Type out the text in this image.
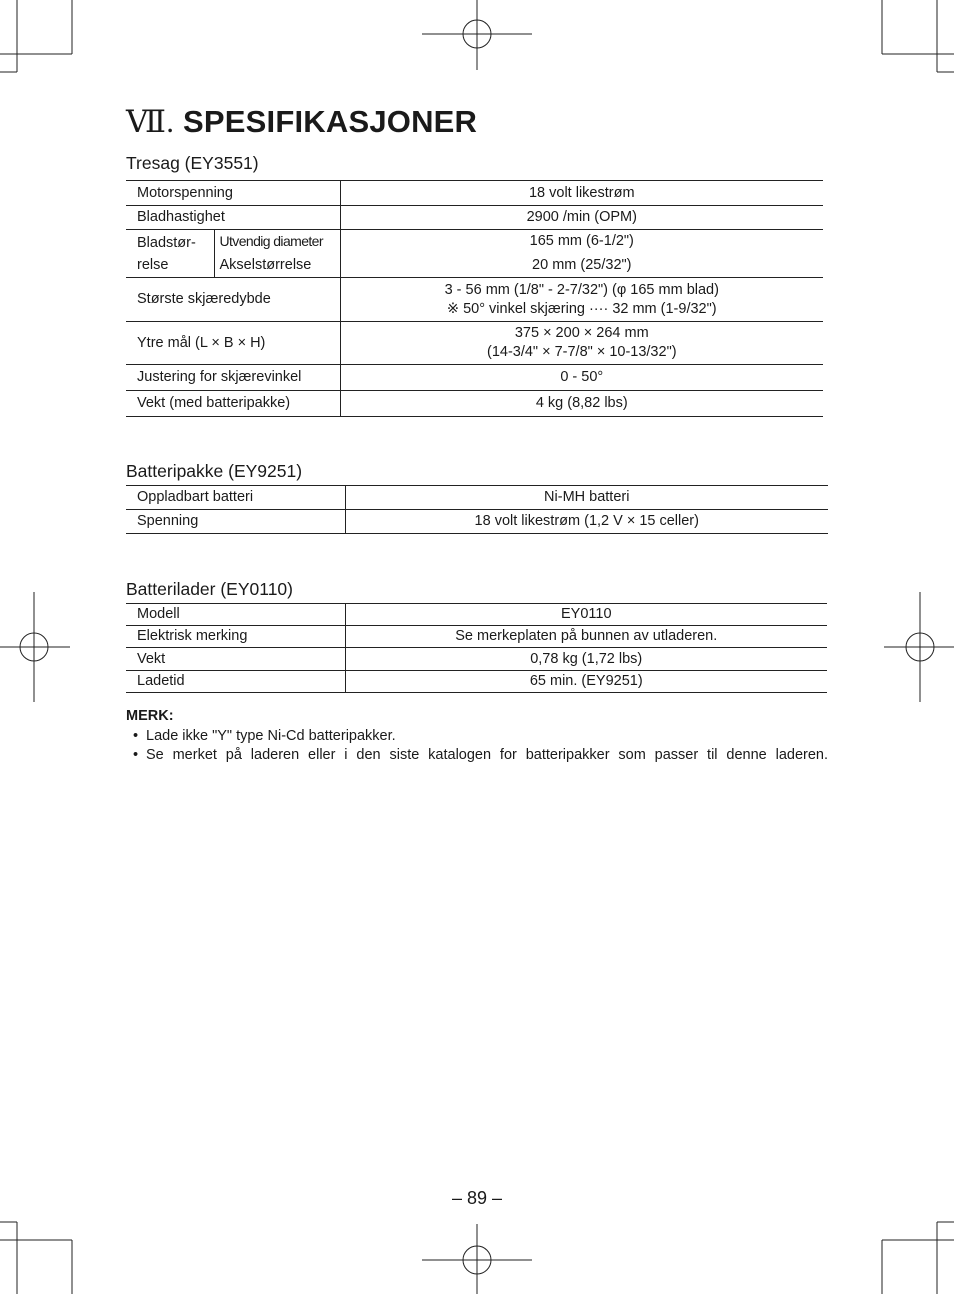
Ⅶ. SPESIFIKASJONER
Tresag (EY3551)
Motorspenning		18 volt likestrøm
Bladhastighet		2900 /min (OPM)
Bladstør-
relse	Utvendig diameter	165 mm (6-1/2")
	Akselstørrelse	20 mm (25/32")
Største skjæredybde		3 - 56 mm (1/8" - 2-7/32") (φ 165 mm blad)
※ 50° vinkel skjæring ···· 32 mm (1-9/32")
Ytre mål (L × B × H)		375 × 200 × 264 mm
(14-3/4" × 7-7/8" × 10-13/32")
Justering for skjærevinkel		0 - 50°
Vekt (med batteripakke)		4 kg (8,82 lbs)
Batteripakke (EY9251)
Oppladbart batteri	Ni-MH batteri
Spenning	18 volt likestrøm (1,2 V × 15 celler)
Batterilader (EY0110)
Modell	EY0110
Elektrisk merking	Se merkeplaten på bunnen av utladeren.
Vekt	0,78 kg (1,72 lbs)
Ladetid	65 min. (EY9251)

MERK:

• Lade ikke "Y" type Ni-Cd batteripakker.
• Se merket på laderen eller i den siste katalogen for batteripakker som passer til denne laderen.
– 89 –
